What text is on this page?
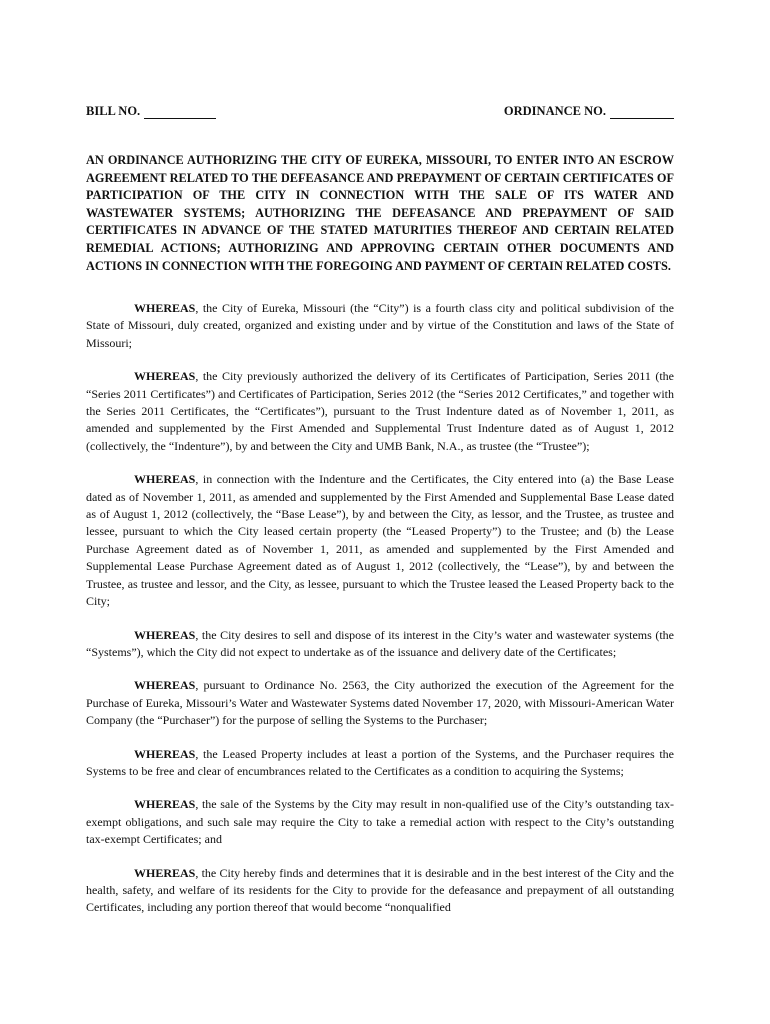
BILL NO.	ORDINANCE NO.

AN ORDINANCE AUTHORIZING THE CITY OF EUREKA, MISSOURI, TO ENTER INTO AN ESCROW AGREEMENT RELATED TO THE DEFEASANCE AND PREPAYMENT OF CERTAIN CERTIFICATES OF PARTICIPATION OF THE CITY IN CONNECTION WITH THE SALE OF ITS WATER AND WASTEWATER SYSTEMS; AUTHORIZING THE DEFEASANCE AND PREPAYMENT OF SAID CERTIFICATES IN ADVANCE OF THE STATED MATURITIES THEREOF AND CERTAIN RELATED REMEDIAL ACTIONS; AUTHORIZING AND APPROVING CERTAIN OTHER DOCUMENTS AND ACTIONS IN CONNECTION WITH THE FOREGOING AND PAYMENT OF CERTAIN RELATED COSTS.

WHEREAS, the City of Eureka, Missouri (the “City”) is a fourth class city and political subdivision of the State of Missouri, duly created, organized and existing under and by virtue of the Constitution and laws of the State of Missouri;

WHEREAS, the City previously authorized the delivery of its Certificates of Participation, Series 2011 (the “Series 2011 Certificates”) and Certificates of Participation, Series 2012 (the “Series 2012 Certificates,” and together with the Series 2011 Certificates, the “Certificates”), pursuant to the Trust Indenture dated as of November 1, 2011, as amended and supplemented by the First Amended and Supplemental Trust Indenture dated as of August 1, 2012 (collectively, the “Indenture”), by and between the City and UMB Bank, N.A., as trustee (the “Trustee”);

WHEREAS, in connection with the Indenture and the Certificates, the City entered into (a) the Base Lease dated as of November 1, 2011, as amended and supplemented by the First Amended and Supplemental Base Lease dated as of August 1, 2012 (collectively, the “Base Lease”), by and between the City, as lessor, and the Trustee, as trustee and lessee, pursuant to which the City leased certain property (the “Leased Property”) to the Trustee; and (b) the Lease Purchase Agreement dated as of November 1, 2011, as amended and supplemented by the First Amended and Supplemental Lease Purchase Agreement dated as of August 1, 2012 (collectively, the “Lease”), by and between the Trustee, as trustee and lessor, and the City, as lessee, pursuant to which the Trustee leased the Leased Property back to the City;

WHEREAS, the City desires to sell and dispose of its interest in the City’s water and wastewater systems (the “Systems”), which the City did not expect to undertake as of the issuance and delivery date of the Certificates;

WHEREAS, pursuant to Ordinance No. 2563, the City authorized the execution of the Agreement for the Purchase of Eureka, Missouri’s Water and Wastewater Systems dated November 17, 2020, with Missouri-American Water Company (the “Purchaser”) for the purpose of selling the Systems to the Purchaser;

WHEREAS, the Leased Property includes at least a portion of the Systems, and the Purchaser requires the Systems to be free and clear of encumbrances related to the Certificates as a condition to acquiring the Systems;

WHEREAS, the sale of the Systems by the City may result in non-qualified use of the City’s outstanding tax-exempt obligations, and such sale may require the City to take a remedial action with respect to the City’s outstanding tax-exempt Certificates; and

WHEREAS, the City hereby finds and determines that it is desirable and in the best interest of the City and the health, safety, and welfare of its residents for the City to provide for the defeasance and prepayment of all outstanding Certificates, including any portion thereof that would become “nonqualified
